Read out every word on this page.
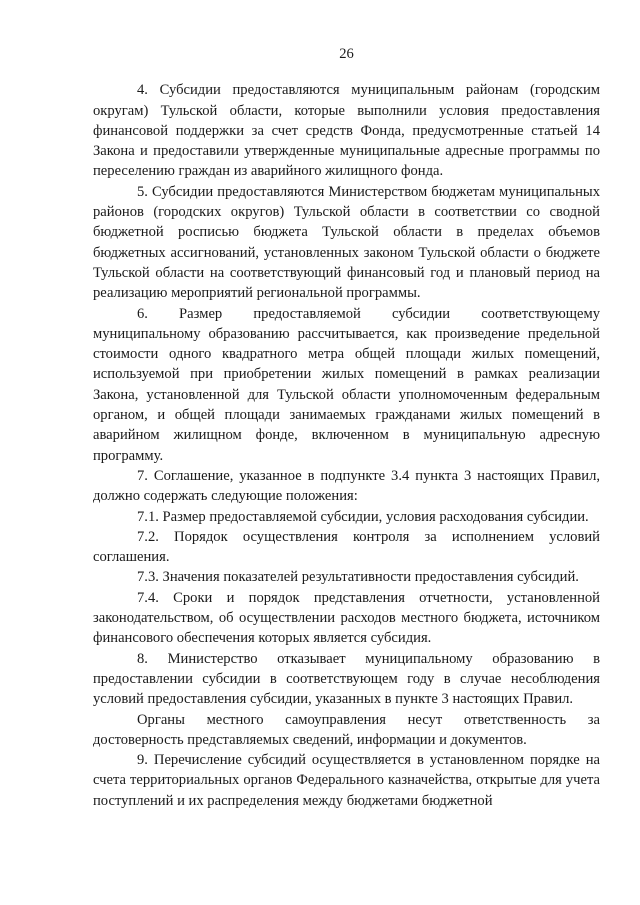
26

4. Субсидии предоставляются муниципальным районам (городским округам) Тульской области, которые выполнили условия предоставления финансовой поддержки за счет средств Фонда, предусмотренные статьей 14 Закона и предоставили утвержденные муниципальные адресные программы по переселению граждан из аварийного жилищного фонда.

5. Субсидии предоставляются Министерством бюджетам муниципальных районов (городских округов) Тульской области в соответствии со сводной бюджетной росписью бюджета Тульской области в пределах объемов бюджетных ассигнований, установленных законом Тульской области о бюджете Тульской области на соответствующий финансовый год и плановый период на реализацию мероприятий региональной программы.

6. Размер предоставляемой субсидии соответствующему муниципальному образованию рассчитывается, как произведение предельной стоимости одного квадратного метра общей площади жилых помещений, используемой при приобретении жилых помещений в рамках реализации Закона, установленной для Тульской области уполномоченным федеральным органом, и общей площади занимаемых гражданами жилых помещений в аварийном жилищном фонде, включенном в муниципальную адресную программу.

7. Соглашение, указанное в подпункте 3.4 пункта 3 настоящих Правил, должно содержать следующие положения:

7.1. Размер предоставляемой субсидии, условия расходования субсидии.

7.2. Порядок осуществления контроля за исполнением условий соглашения.

7.3. Значения показателей результативности предоставления субсидий.

7.4. Сроки и порядок представления отчетности, установленной законодательством, об осуществлении расходов местного бюджета, источником финансового обеспечения которых является субсидия.

8. Министерство отказывает муниципальному образованию в предоставлении субсидии в соответствующем году в случае несоблюдения условий предоставления субсидии, указанных в пункте 3 настоящих Правил.

Органы местного самоуправления несут ответственность за достоверность представляемых сведений, информации и документов.

9. Перечисление субсидий осуществляется в установленном порядке на счета территориальных органов Федерального казначейства, открытые для учета поступлений и их распределения между бюджетами бюджетной
